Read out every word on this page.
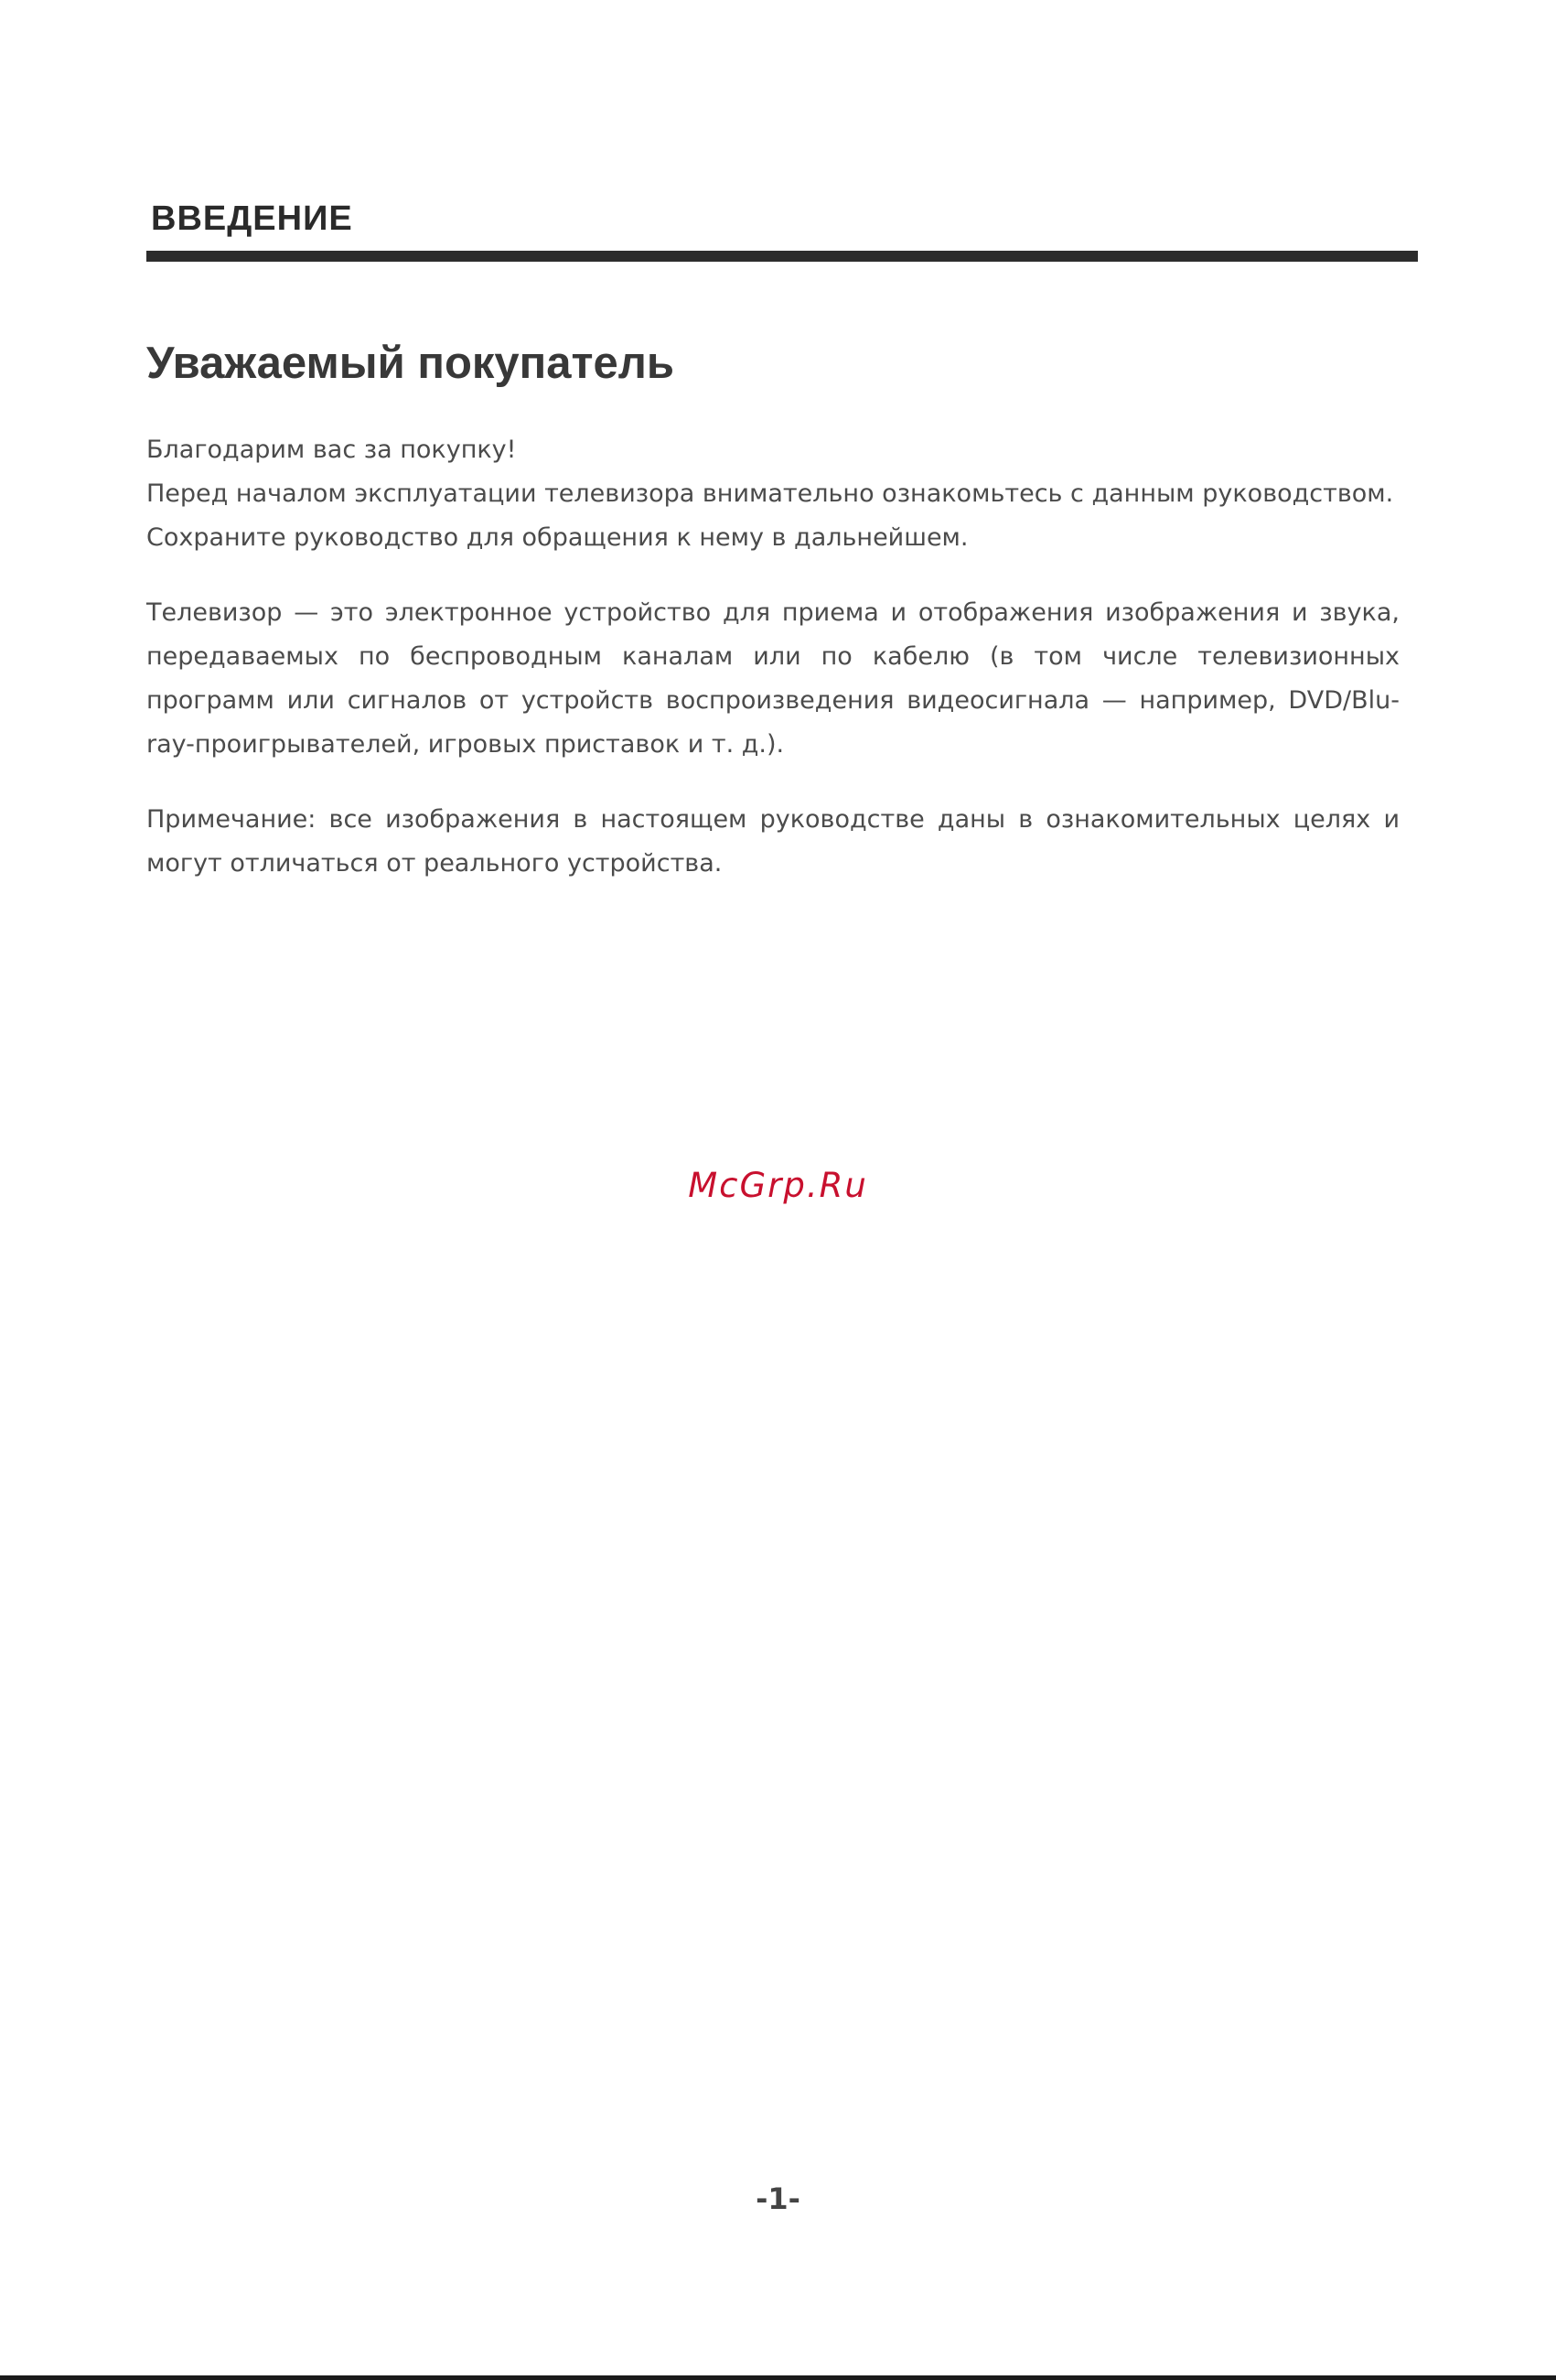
ВВЕДЕНИЕ
Уважаемый покупатель

Благодарим вас за покупку!
Перед началом эксплуатации телевизора внимательно ознакомьтесь с данным руководством. Сохраните руководство для обращения к нему в дальнейшем.

Телевизор — это электронное устройство для приема и отображения изображения и звука, передаваемых по беспроводным каналам или по кабелю (в том числе телевизионных программ или сигналов от устройств воспроизведения видеосигнала — например, DVD/Blu-ray-проигрывателей, игровых приставок и т. д.).

Примечание: все изображения в настоящем руководстве даны в ознакомительных целях и могут отличаться от реального устройства.

McGrp.Ru
-1-
